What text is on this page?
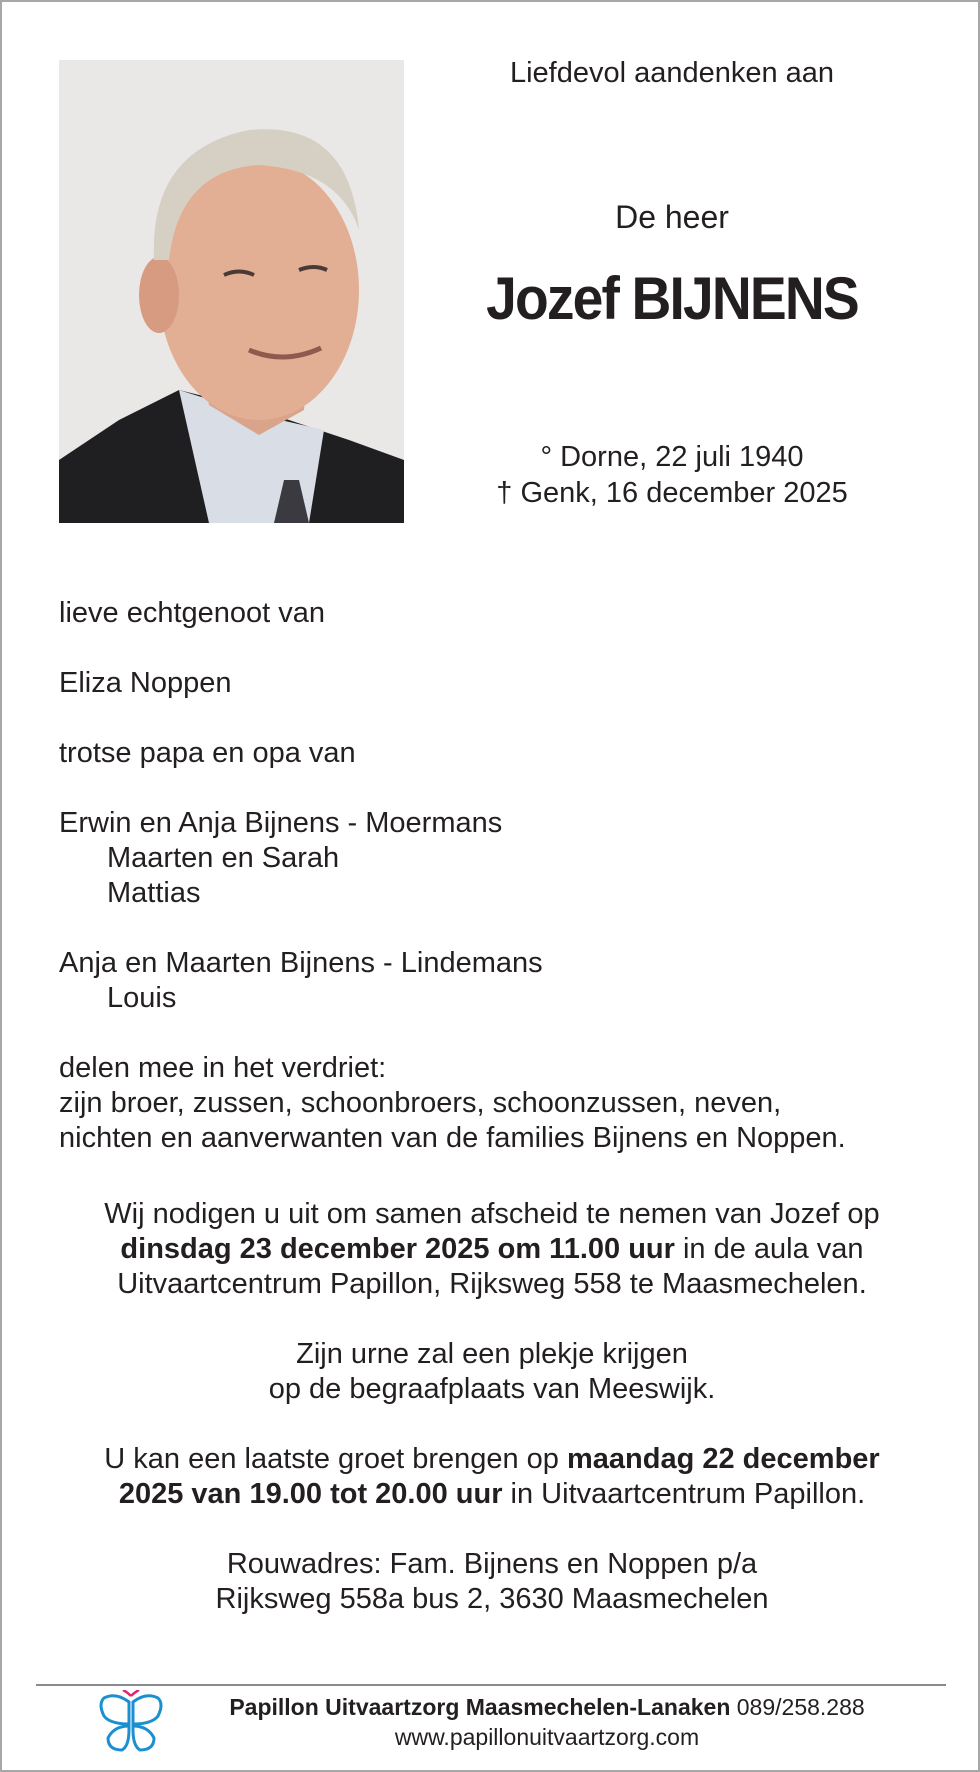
Liefdevol aandenken aan

De heer

Jozef BIJNENS

° Dorne, 22 juli 1940
† Genk, 16 december 2025

lieve echtgenoot van

Eliza Noppen

trotse papa en opa van

Erwin en Anja Bijnens - Moermans

Maarten en Sarah

Mattias

Anja en Maarten Bijnens - Lindemans

Louis

delen mee in het verdriet:

zijn broer, zussen, schoonbroers, schoonzussen, neven,

nichten en aanverwanten van de families Bijnens en Noppen.

Wij nodigen u uit om samen afscheid te nemen van Jozef op

dinsdag 23 december 2025 om 11.00 uur in de aula van

Uitvaartcentrum Papillon, Rijksweg 558 te Maasmechelen.

Zijn urne zal een plekje krijgen

op de begraafplaats van Meeswijk.

U kan een laatste groet brengen op maandag 22 december

2025 van 19.00 tot 20.00 uur in Uitvaartcentrum Papillon.

Rouwadres: Fam. Bijnens en Noppen p/a

Rijksweg 558a bus 2, 3630 Maasmechelen

Papillon Uitvaartzorg Maasmechelen-Lanaken 089/258.288

www.papillonuitvaartzorg.com
